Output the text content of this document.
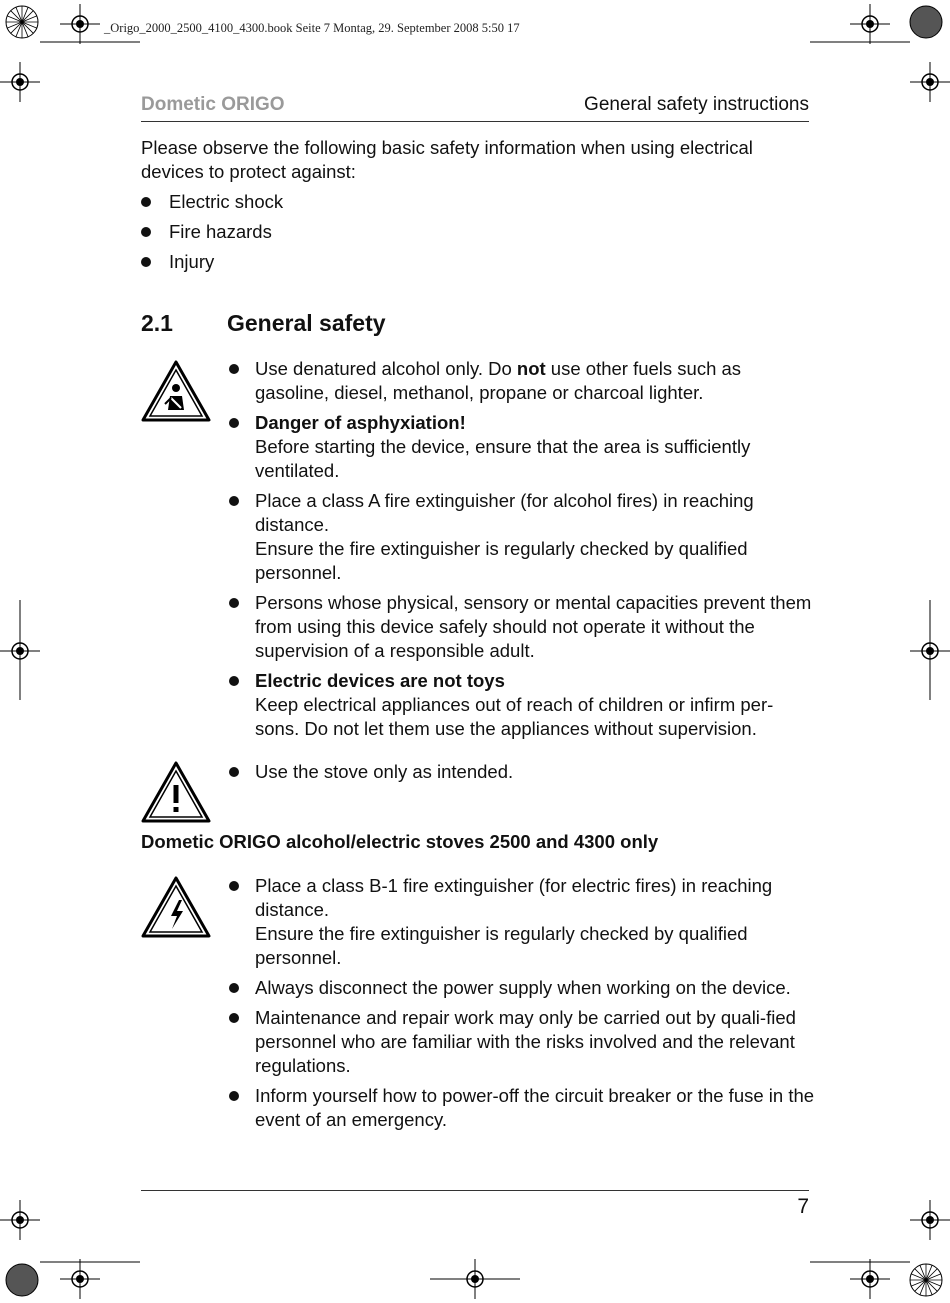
_Origo_2000_2500_4100_4300.book Seite 7 Montag, 29. September 2008 5:50 17
Dometic ORIGO	General safety instructions
Please observe the following basic safety information when using electrical devices to protect against:
Electric shock
Fire hazards
Injury
2.1 General safety
Use denatured alcohol only. Do not use other fuels such as gasoline, diesel, methanol, propane or charcoal lighter.
Danger of asphyxiation!
Before starting the device, ensure that the area is sufficiently ventilated.
Place a class A fire extinguisher (for alcohol fires) in reaching distance.
Ensure the fire extinguisher is regularly checked by qualified personnel.
Persons whose physical, sensory or mental capacities prevent them from using this device safely should not operate it without the supervision of a responsible adult.
Electric devices are not toys
Keep electrical appliances out of reach of children or infirm per-sons. Do not let them use the appliances without supervision.
Use the stove only as intended.
Dometic ORIGO alcohol/electric stoves 2500 and 4300 only
Place a class B-1 fire extinguisher (for electric fires) in reaching distance.
Ensure the fire extinguisher is regularly checked by qualified personnel.
Always disconnect the power supply when working on the device.
Maintenance and repair work may only be carried out by quali-fied personnel who are familiar with the risks involved and the relevant regulations.
Inform yourself how to power-off the circuit breaker or the fuse in the event of an emergency.
7
